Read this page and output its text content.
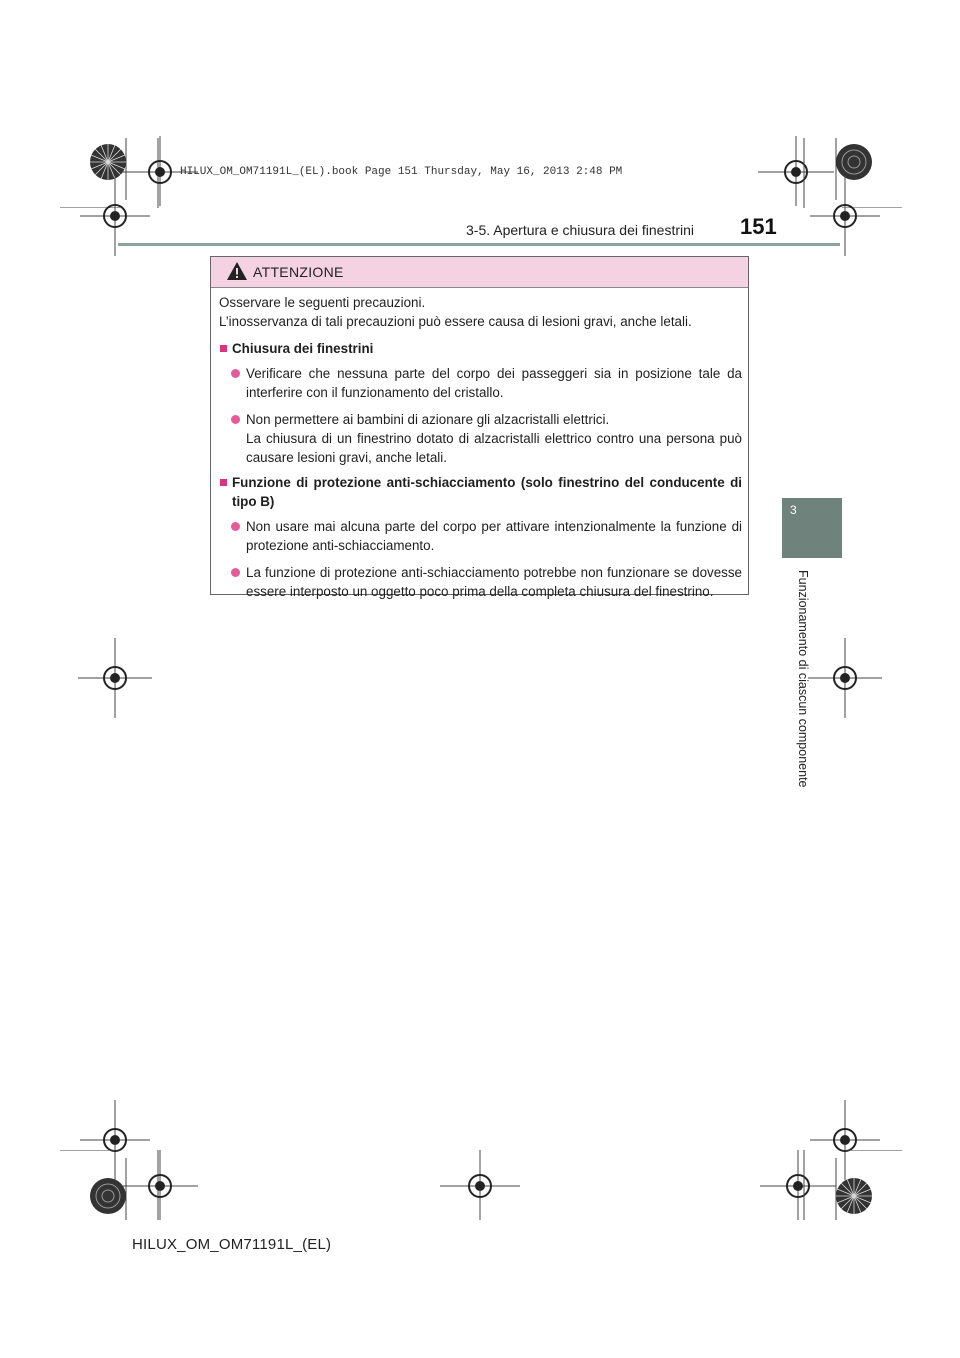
HILUX_OM_OM71191L_(EL).book Page 151 Thursday, May 16, 2013 2:48 PM
3-5. Apertura e chiusura dei finestrini 151
3
Funzionamento di ciascun componente
ATTENZIONE

Osservare le seguenti precauzioni.

L’inosservanza di tali precauzioni può essere causa di lesioni gravi, anche letali.

Chiusura dei finestrini
Verificare che nessuna parte del corpo dei passeggeri sia in posizione tale da interferire con il funzionamento del cristallo.
Non permettere ai bambini di azionare gli alzacristalli elettrici.
La chiusura di un finestrino dotato di alzacristalli elettrico contro una persona può causare lesioni gravi, anche letali.
Funzione di protezione anti-schiacciamento (solo finestrino del conducente di tipo B)
Non usare mai alcuna parte del corpo per attivare intenzionalmente la funzione di protezione anti-schiacciamento.
La funzione di protezione anti-schiacciamento potrebbe non funzionare se dovesse essere interposto un oggetto poco prima della completa chiusura del finestrino.
HILUX_OM_OM71191L_(EL)
